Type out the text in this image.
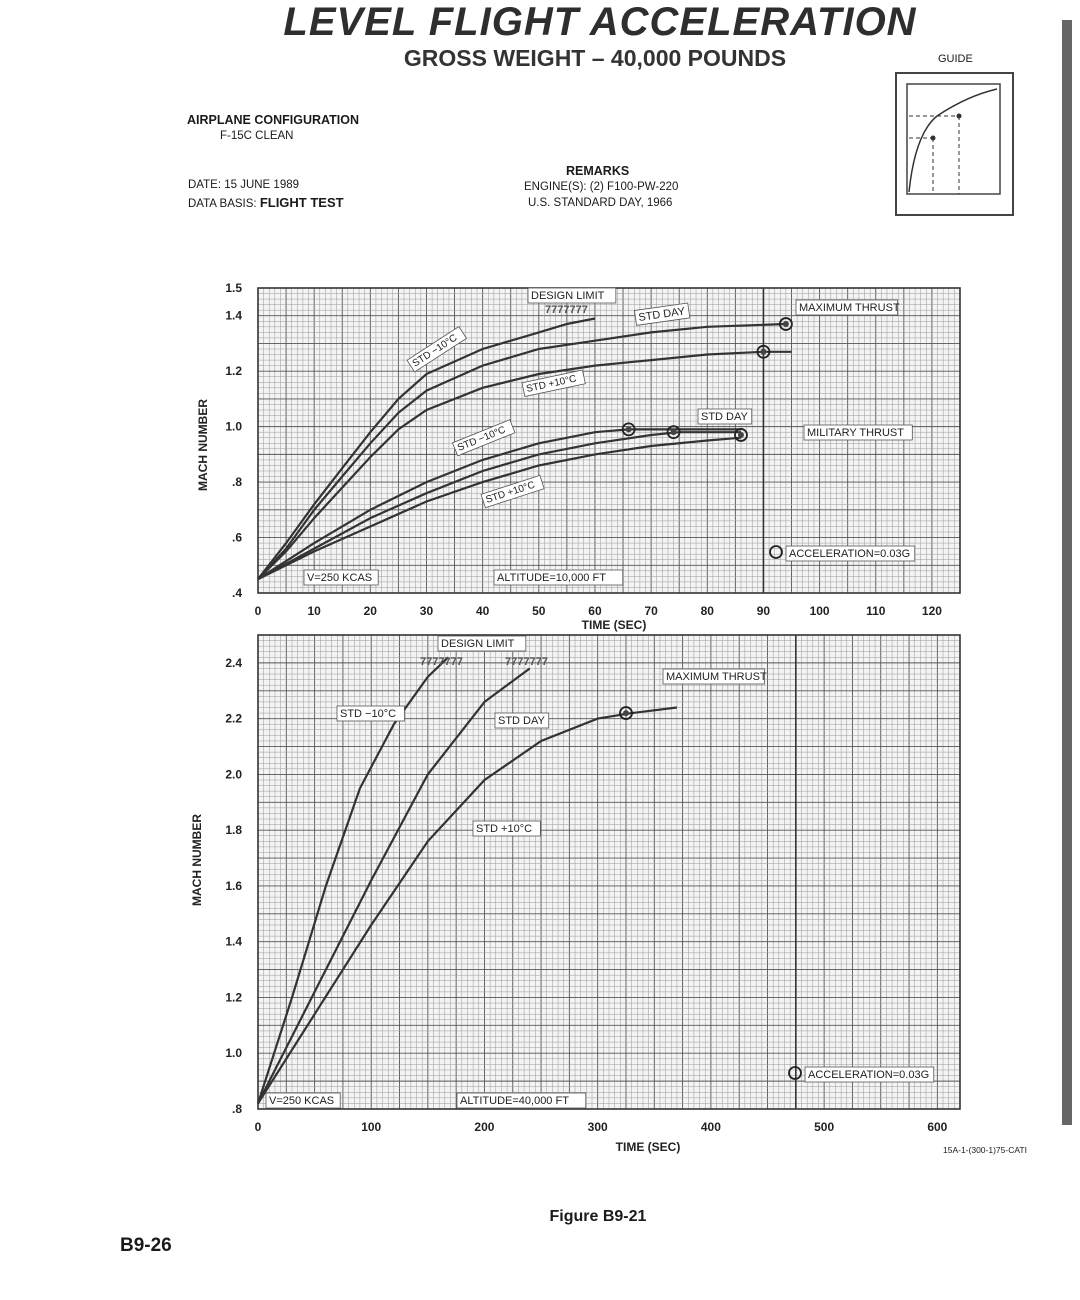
LEVEL FLIGHT ACCELERATION
GROSS WEIGHT – 40,000 POUNDS	GUIDE
AIRPLANE CONFIGURATION
F-15C CLEAN
DATE: 15 JUNE 1989
DATA BASIS: FLIGHT TEST
REMARKS
ENGINE(S): (2) F100-PW-220
U.S. STANDARD DAY, 1966
0	10	20	30	40	50	60	70	80	90	100	110	120
.4
.6
.8
1.0
1.2
1.4
1.5
TIME (SEC)
MACH NUMBER
DESIGN LIMIT
7777777	MAXIMUM THRUST
STD DAY
STD −10°C
STD +10°C
STD DAY
MILITARY THRUST
STD −10°C
STD +10°C
ACCELERATION=0.03G
V=250 KCAS	ALTITUDE=10,000 FT
0	100	200	300	400	500	600
.8
1.0
1.2
1.4
1.6
1.8
2.0
2.2
2.4
TIME (SEC)
MACH NUMBER
DESIGN LIMIT
7777777	7777777
MAXIMUM THRUST
STD −10°C
STD DAY
STD +10°C
ACCELERATION=0.03G
V=250 KCAS	ALTITUDE=40,000 FT
15A-1-(300-1)75-CATI
Figure B9-21
B9-26
